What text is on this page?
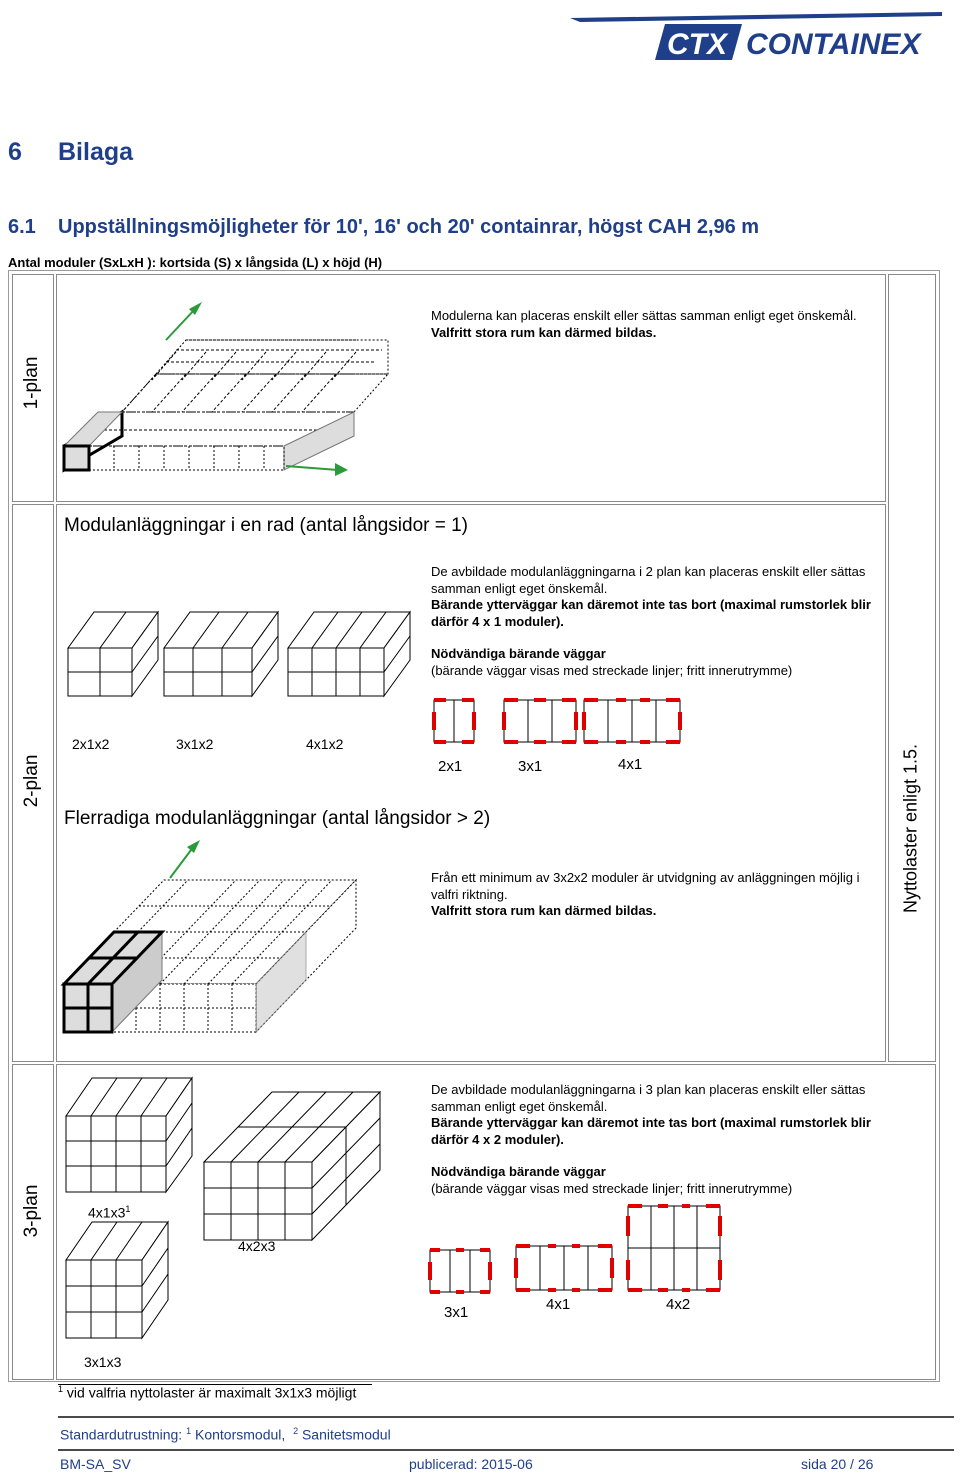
CTX CONTAINEX
6 Bilaga
6.1 Uppställningsmöjligheter för 10', 16' och 20' containrar, högst CAH 2,96 m
Antal moduler (SxLxH ): kortsida (S) x långsida (L) x höjd (H)
1-plan
Modulerna kan placeras enskilt eller sättas samman enligt eget önskemål.
Valfritt stora rum kan därmed bildas.
2-plan
Modulanläggningar i en rad (antal långsidor = 1)
De avbildade modulanläggningarna i 2 plan kan placeras enskilt eller sättas samman enligt eget önskemål.
Bärande ytterväggar kan däremot inte tas bort (maximal rumstorlek blir därför 4 x 1 moduler).
Nödvändiga bärande väggar
(bärande väggar visas med streckade linjer; fritt innerutrymme)
2x1x2	3x1x2	4x1x2
2x1	3x1	4x1
Flerradiga modulanläggningar (antal långsidor > 2)
Från ett minimum av 3x2x2 moduler är utvidgning av anläggningen möjlig i valfri riktning.
Valfritt stora rum kan därmed bildas.	Nyttolaster enligt 1.5.
3-plan	$4x1x3^1$
4x2x3
3x1x3
De avbildade modulanläggningarna i 3 plan kan placeras enskilt eller sättas samman enligt eget önskemål.
Bärande ytterväggar kan däremot inte tas bort (maximal rumstorlek blir därför 4 x 2 moduler).
Nödvändiga bärande väggar
(bärande väggar visas med streckade linjer; fritt innerutrymme)
3x1	4x1	4x2
$^1$ vid valfria nyttolaster är maximalt 3x1x3 möjligt
Standardutrustning: $^1$ Kontorsmodul, $^2$ Sanitetsmodul
BM-SA_SV	publicerad: 2015-06	sida 20 / 26
